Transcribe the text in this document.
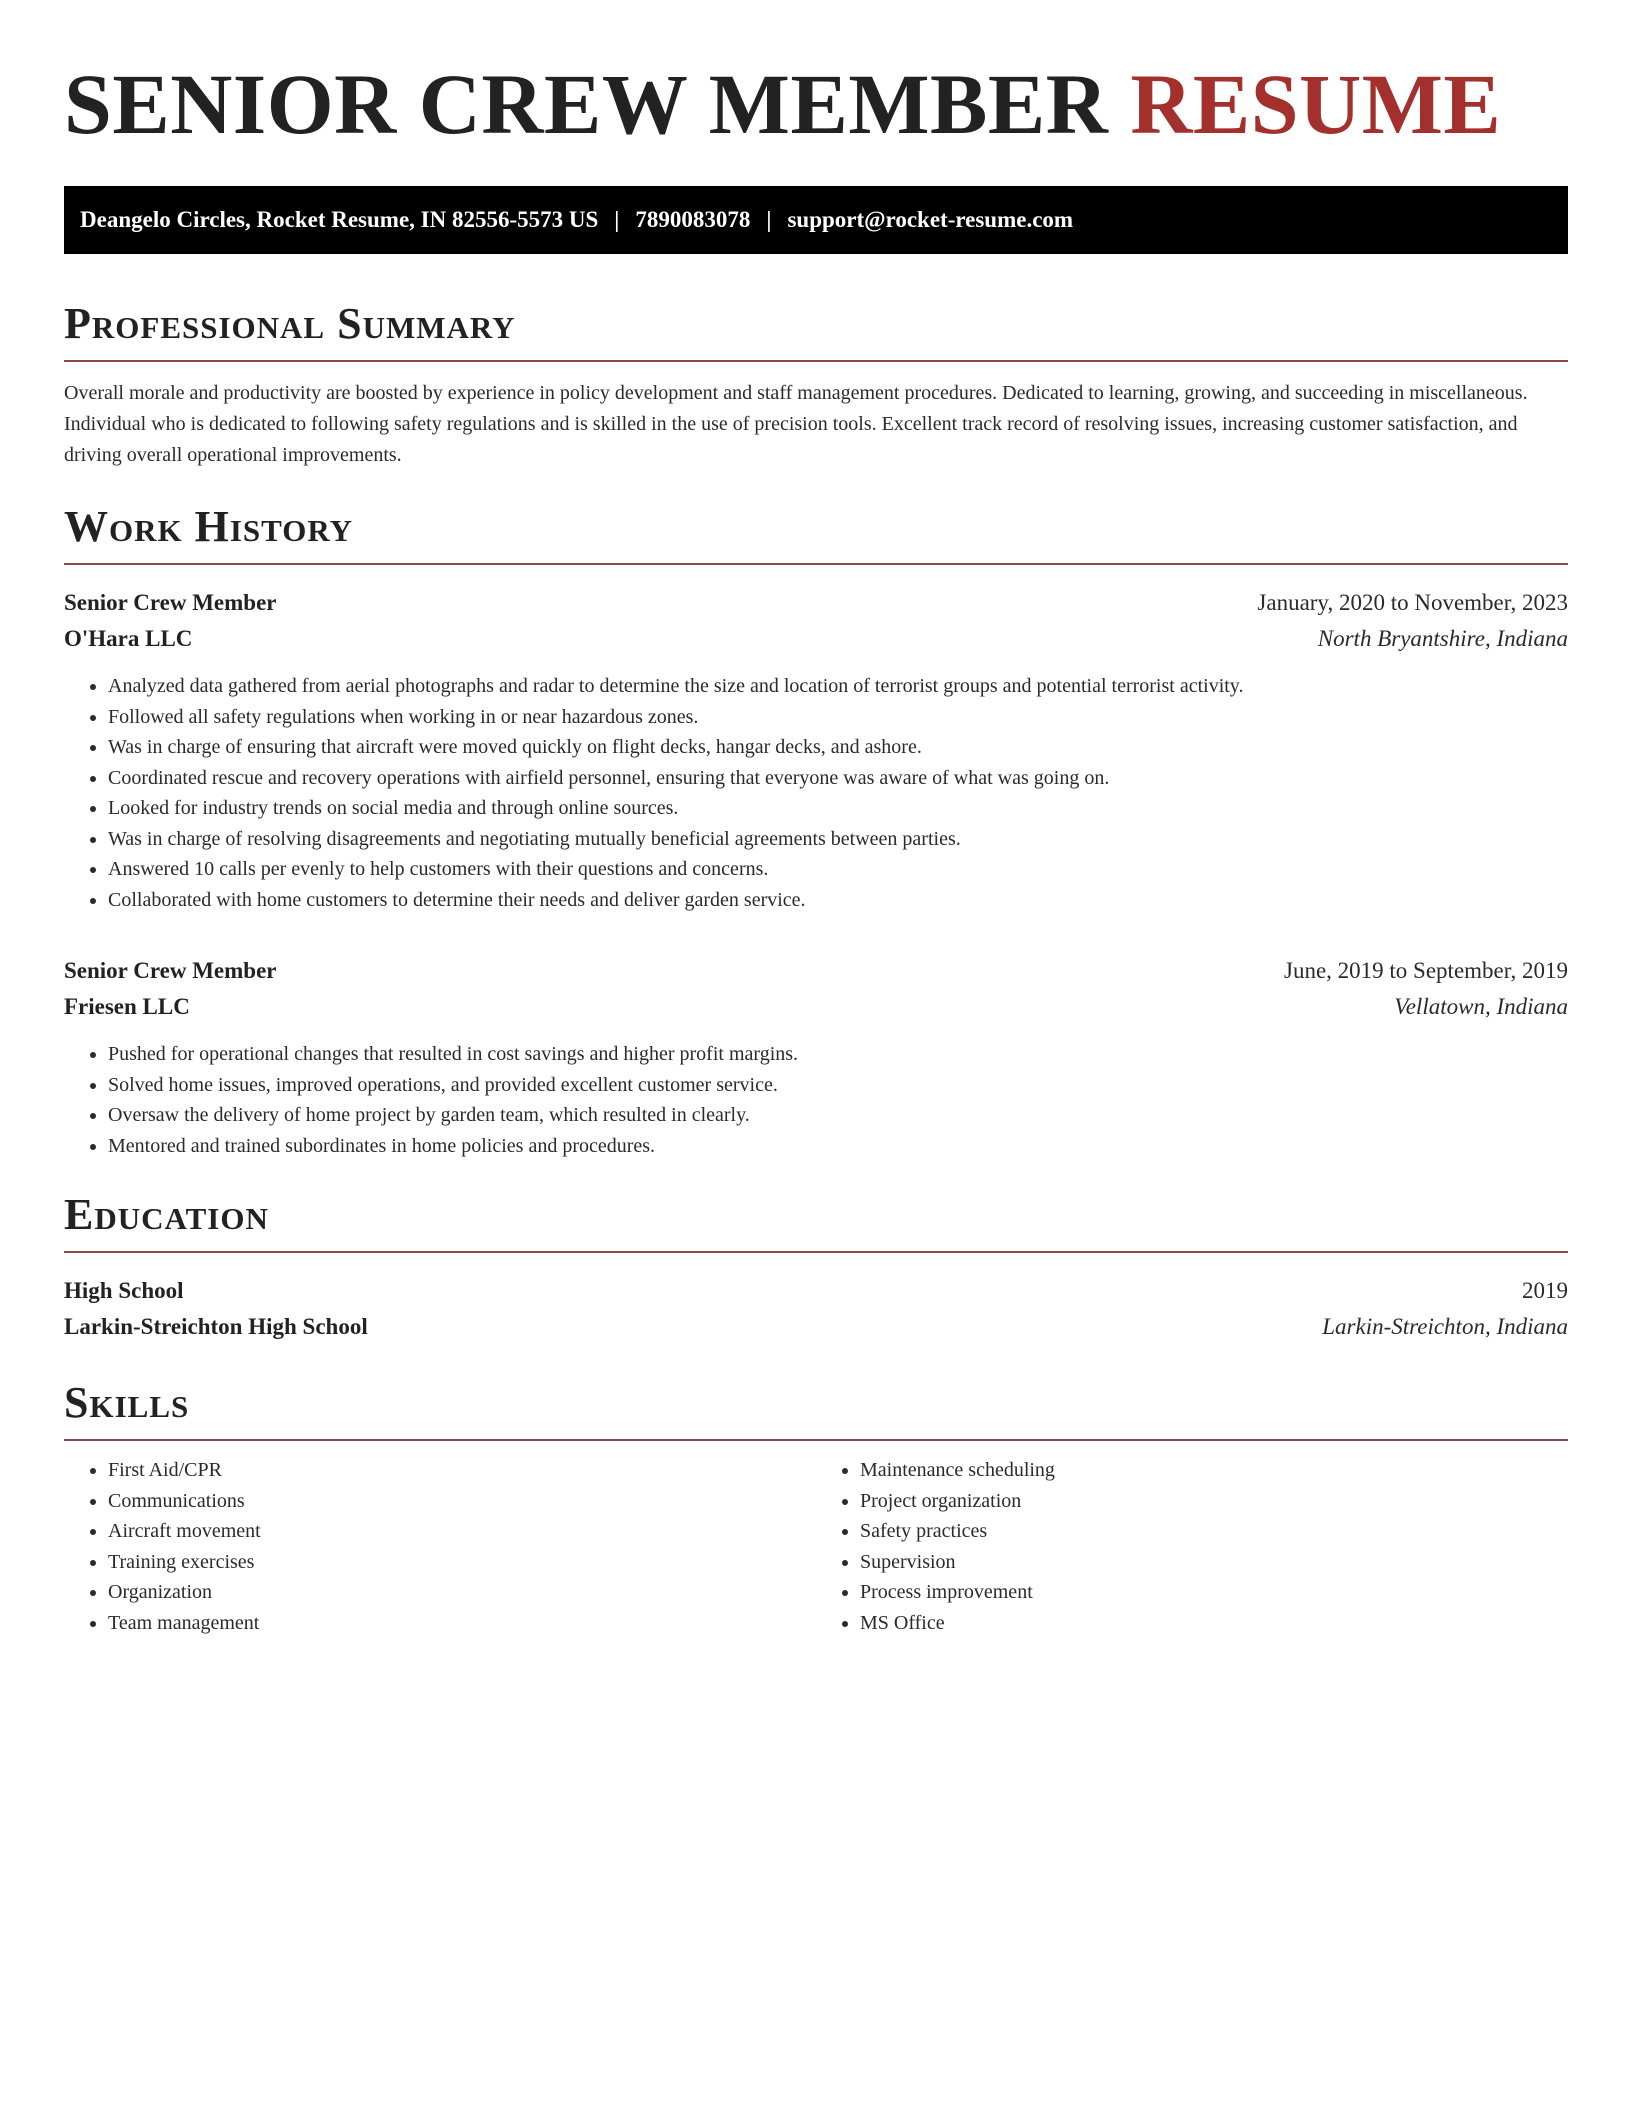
SENIOR CREW MEMBER RESUME
Deangelo Circles, Rocket Resume, IN 82556-5573 US | 7890083078 | support@rocket-resume.com
Professional Summary

Overall morale and productivity are boosted by experience in policy development and staff management procedures. Dedicated to learning, growing, and succeeding in miscellaneous. Individual who is dedicated to following safety regulations and is skilled in the use of precision tools. Excellent track record of resolving issues, increasing customer satisfaction, and driving overall operational improvements.

Work History
Senior Crew Member	January, 2020 to November, 2023
O'Hara LLC	North Bryantshire, Indiana
• Analyzed data gathered from aerial photographs and radar to determine the size and location of terrorist groups and potential terrorist activity.
• Followed all safety regulations when working in or near hazardous zones.
• Was in charge of ensuring that aircraft were moved quickly on flight decks, hangar decks, and ashore.
• Coordinated rescue and recovery operations with airfield personnel, ensuring that everyone was aware of what was going on.
• Looked for industry trends on social media and through online sources.
• Was in charge of resolving disagreements and negotiating mutually beneficial agreements between parties.
• Answered 10 calls per evenly to help customers with their questions and concerns.
• Collaborated with home customers to determine their needs and deliver garden service.
Senior Crew Member	June, 2019 to September, 2019
Friesen LLC	Vellatown, Indiana
• Pushed for operational changes that resulted in cost savings and higher profit margins.
• Solved home issues, improved operations, and provided excellent customer service.
• Oversaw the delivery of home project by garden team, which resulted in clearly.
• Mentored and trained subordinates in home policies and procedures.
Education
High School	2019
Larkin-Streichton High School	Larkin-Streichton, Indiana
Skills
• First Aid/CPR
• Communications
• Aircraft movement
• Training exercises
• Organization
• Team management
• Maintenance scheduling
• Project organization
• Safety practices
• Supervision
• Process improvement
• MS Office
